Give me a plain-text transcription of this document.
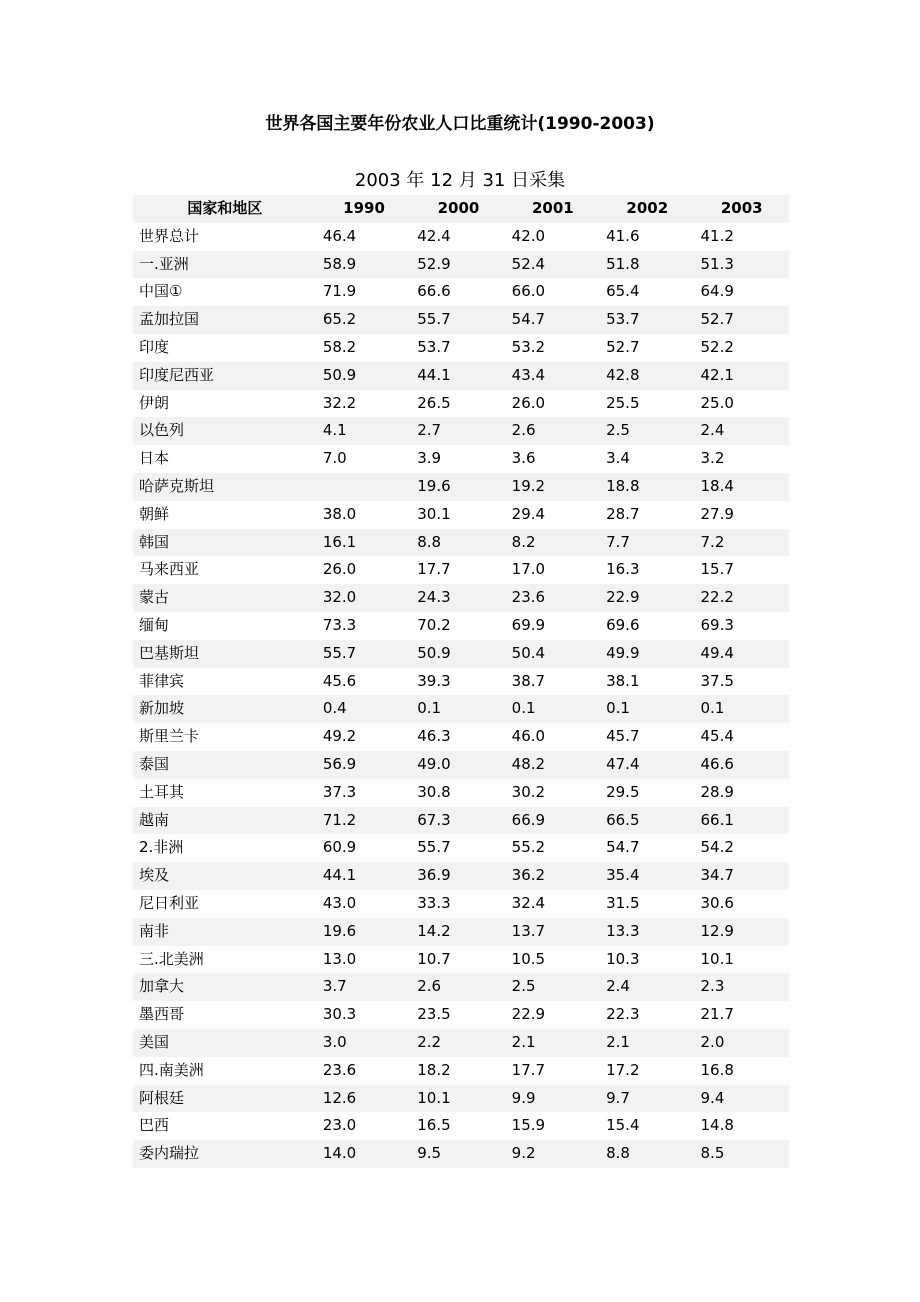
世界各国主要年份农业人口比重统计(1990-2003)
2003 年 12 月 31 日采集
国家和地区	1990	2000	2001	2002	2003
世界总计	46.4	42.4	42.0	41.6	41.2
一.亚洲	58.9	52.9	52.4	51.8	51.3
中国①	71.9	66.6	66.0	65.4	64.9
孟加拉国	65.2	55.7	54.7	53.7	52.7
印度	58.2	53.7	53.2	52.7	52.2
印度尼西亚	50.9	44.1	43.4	42.8	42.1
伊朗	32.2	26.5	26.0	25.5	25.0
以色列	4.1	2.7	2.6	2.5	2.4
日本	7.0	3.9	3.6	3.4	3.2
哈萨克斯坦		19.6	19.2	18.8	18.4
朝鲜	38.0	30.1	29.4	28.7	27.9
韩国	16.1	8.8	8.2	7.7	7.2
马来西亚	26.0	17.7	17.0	16.3	15.7
蒙古	32.0	24.3	23.6	22.9	22.2
缅甸	73.3	70.2	69.9	69.6	69.3
巴基斯坦	55.7	50.9	50.4	49.9	49.4
菲律宾	45.6	39.3	38.7	38.1	37.5
新加坡	0.4	0.1	0.1	0.1	0.1
斯里兰卡	49.2	46.3	46.0	45.7	45.4
泰国	56.9	49.0	48.2	47.4	46.6
土耳其	37.3	30.8	30.2	29.5	28.9
越南	71.2	67.3	66.9	66.5	66.1
2.非洲	60.9	55.7	55.2	54.7	54.2
埃及	44.1	36.9	36.2	35.4	34.7
尼日利亚	43.0	33.3	32.4	31.5	30.6
南非	19.6	14.2	13.7	13.3	12.9
三.北美洲	13.0	10.7	10.5	10.3	10.1
加拿大	3.7	2.6	2.5	2.4	2.3
墨西哥	30.3	23.5	22.9	22.3	21.7
美国	3.0	2.2	2.1	2.1	2.0
四.南美洲	23.6	18.2	17.7	17.2	16.8
阿根廷	12.6	10.1	9.9	9.7	9.4
巴西	23.0	16.5	15.9	15.4	14.8
委内瑞拉	14.0	9.5	9.2	8.8	8.5
